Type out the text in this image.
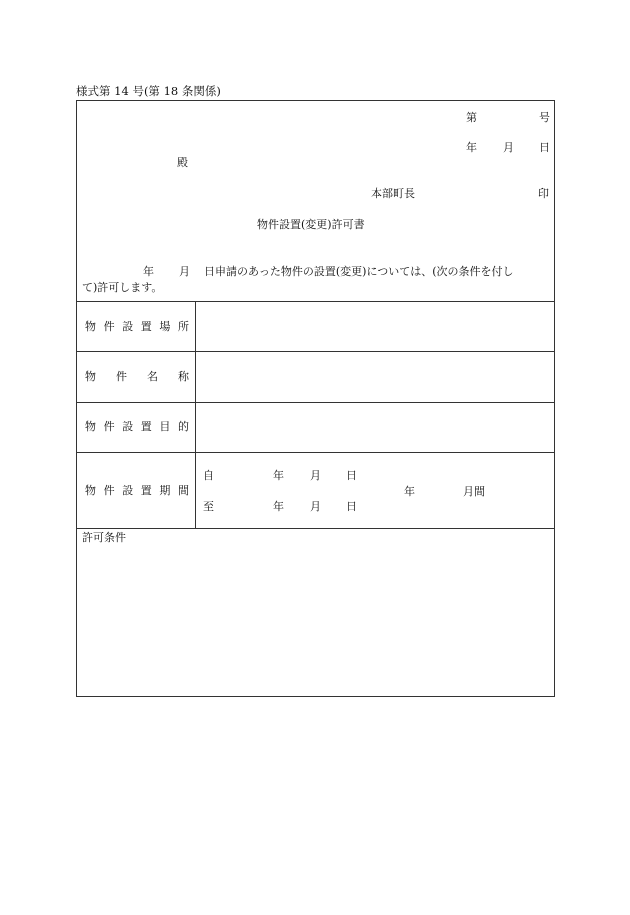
様式第 14 号(第 18 条関係)
第	号
年 月 日
殿
本部町長	印
物件設置(変更)許可書
年 月 日申請のあった物件の設置(変更)については、(次の条件を付し
て)許可します。
物 件 設 置 場 所
物 件 名 称
物 件 設 置 目 的
物 件 設 置 期 間
自	年 月 日
至	年 月 日
年	月間
許可条件
